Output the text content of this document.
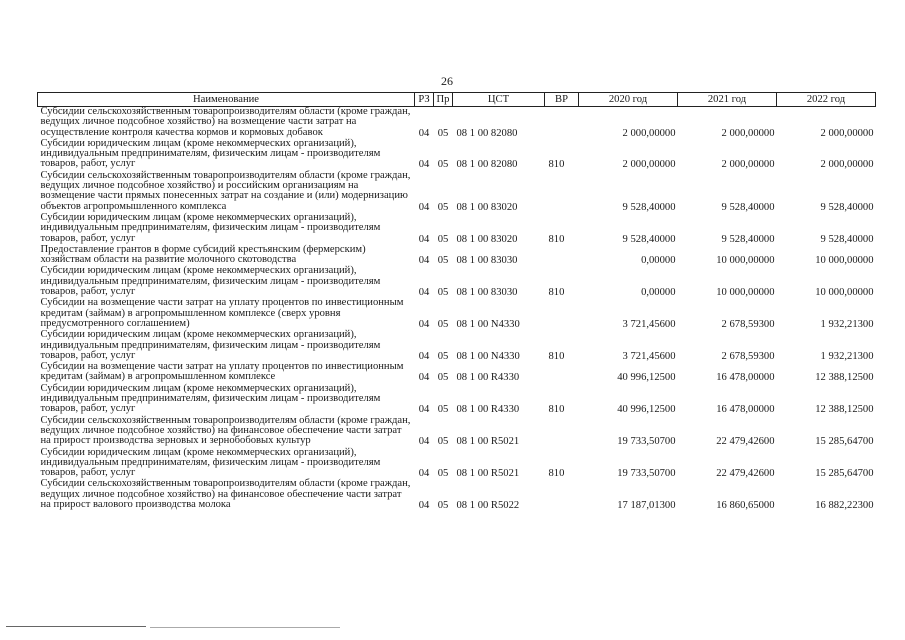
26
Наименование	РЗ	Пр	ЦСТ	ВР	2020 год	2021 год	2022 год
Субсидии сельскохозяйственным товаропроизводителям области (кроме граждан, ведущих личное подсобное хозяйство) на возмещение части затрат на осуществление контроля качества кормов и кормовых добавок	04	05	08 1 00 82080		2 000,00000	2 000,00000	2 000,00000
Субсидии юридическим лицам (кроме некоммерческих организаций), индивидуальным предпринимателям, физическим лицам - производителям товаров, работ, услуг	04	05	08 1 00 82080	810	2 000,00000	2 000,00000	2 000,00000
Субсидии сельскохозяйственным товаропроизводителям области (кроме граждан, ведущих личное подсобное хозяйство) и российским организациям на возмещение части прямых понесенных затрат на создание и (или) модернизацию объектов агропромышленного комплекса	04	05	08 1 00 83020		9 528,40000	9 528,40000	9 528,40000
Субсидии юридическим лицам (кроме некоммерческих организаций), индивидуальным предпринимателям, физическим лицам - производителям товаров, работ, услуг	04	05	08 1 00 83020	810	9 528,40000	9 528,40000	9 528,40000
Предоставление грантов в форме субсидий крестьянским (фермерским) хозяйствам области на развитие молочного скотоводства	04	05	08 1 00 83030		0,00000	10 000,00000	10 000,00000
Субсидии юридическим лицам (кроме некоммерческих организаций), индивидуальным предпринимателям, физическим лицам - производителям товаров, работ, услуг	04	05	08 1 00 83030	810	0,00000	10 000,00000	10 000,00000
Субсидии на возмещение части затрат на уплату процентов по инвестиционным кредитам (займам) в агропромышленном комплексе (сверх уровня предусмотренного соглашением)	04	05	08 1 00 N4330		3 721,45600	2 678,59300	1 932,21300
Субсидии юридическим лицам (кроме некоммерческих организаций), индивидуальным предпринимателям, физическим лицам - производителям товаров, работ, услуг	04	05	08 1 00 N4330	810	3 721,45600	2 678,59300	1 932,21300
Субсидии на возмещение части затрат на уплату процентов по инвестиционным кредитам (займам) в агропромышленном комплексе	04	05	08 1 00 R4330		40 996,12500	16 478,00000	12 388,12500
Субсидии юридическим лицам (кроме некоммерческих организаций), индивидуальным предпринимателям, физическим лицам - производителям товаров, работ, услуг	04	05	08 1 00 R4330	810	40 996,12500	16 478,00000	12 388,12500
Субсидии сельскохозяйственным товаропроизводителям области (кроме граждан, ведущих личное подсобное хозяйство) на финансовое обеспечение части затрат на прирост производства зерновых и зернобобовых культур	04	05	08 1 00 R5021		19 733,50700	22 479,42600	15 285,64700
Субсидии юридическим лицам (кроме некоммерческих организаций), индивидуальным предпринимателям, физическим лицам - производителям товаров, работ, услуг	04	05	08 1 00 R5021	810	19 733,50700	22 479,42600	15 285,64700
Субсидии сельскохозяйственным товаропроизводителям области (кроме граждан, ведущих личное подсобное хозяйство) на финансовое обеспечение части затрат на прирост валового производства молока	04	05	08 1 00 R5022		17 187,01300	16 860,65000	16 882,22300
